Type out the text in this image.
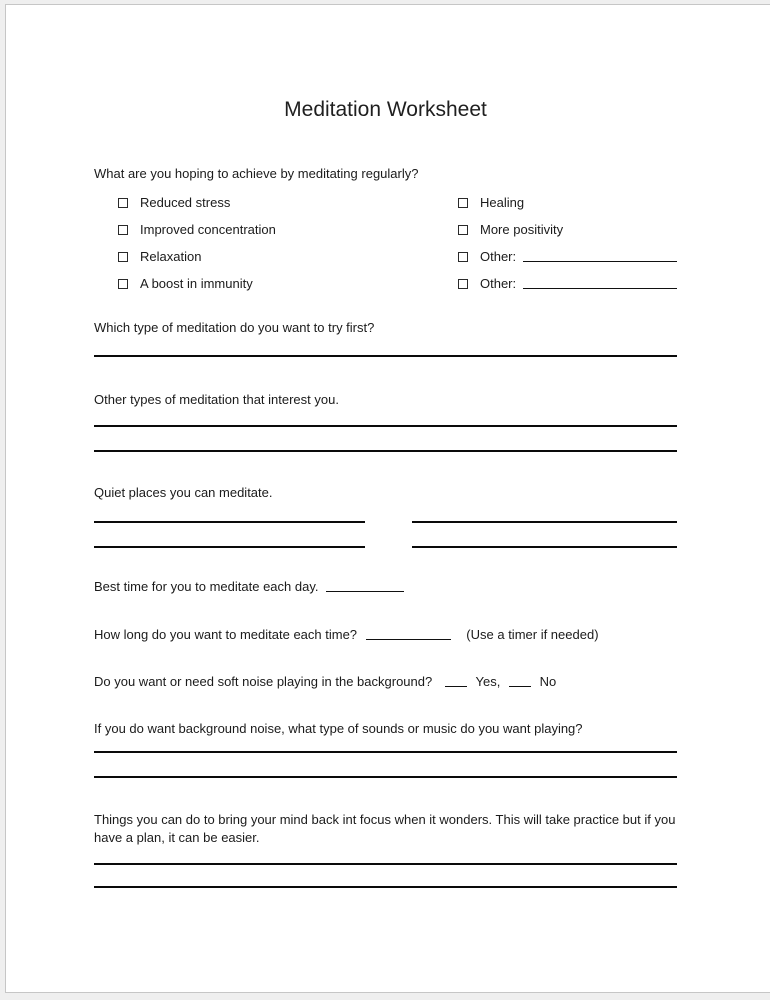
Meditation Worksheet
What are you hoping to achieve by meditating regularly?
Reduced stress	Healing
Improved concentration	More positivity
Relaxation	Other:
A boost in immunity	Other:
Which type of meditation do you want to try first?
Other types of meditation that interest you.
Quiet places you can meditate.
Best time for you to meditate each day.
How long do you want to meditate each time?	(Use a timer if needed)
Do you want or need soft noise playing in the background?	Yes,	No
If you do want background noise, what type of sounds or music do you want playing?
Things you can do to bring your mind back int focus when it wonders. This will take practice but if you have a plan, it can be easier.
